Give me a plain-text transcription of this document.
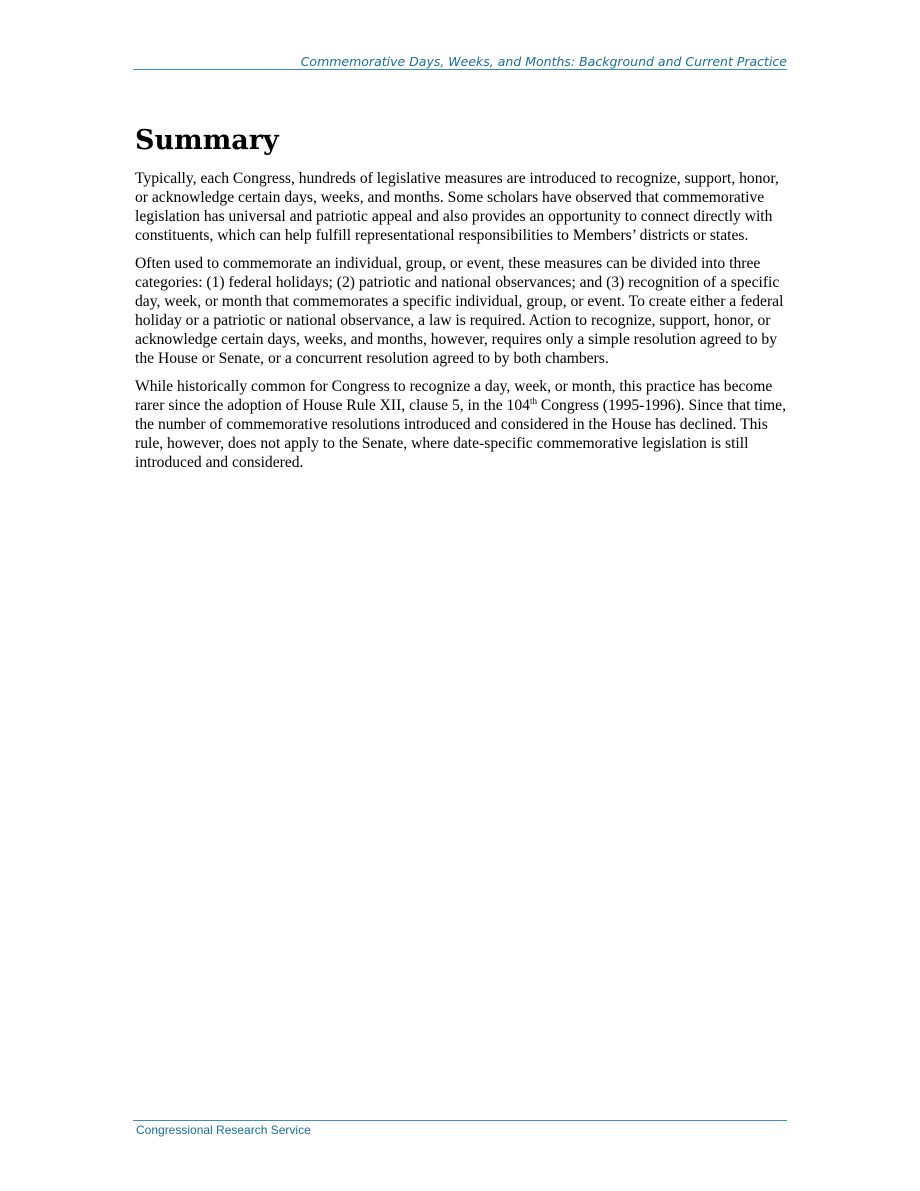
Commemorative Days, Weeks, and Months: Background and Current Practice
Summary

Typically, each Congress, hundreds of legislative measures are introduced to recognize, support, honor, or acknowledge certain days, weeks, and months. Some scholars have observed that commemorative legislation has universal and patriotic appeal and also provides an opportunity to connect directly with constituents, which can help fulfill representational responsibilities to Members’ districts or states.

Often used to commemorate an individual, group, or event, these measures can be divided into three categories: (1) federal holidays; (2) patriotic and national observances; and (3) recognition of a specific day, week, or month that commemorates a specific individual, group, or event. To create either a federal holiday or a patriotic or national observance, a law is required. Action to recognize, support, honor, or acknowledge certain days, weeks, and months, however, requires only a simple resolution agreed to by the House or Senate, or a concurrent resolution agreed to by both chambers.

While historically common for Congress to recognize a day, week, or month, this practice has become rarer since the adoption of House Rule XII, clause 5, in the 104th Congress (1995-1996). Since that time, the number of commemorative resolutions introduced and considered in the House has declined. This rule, however, does not apply to the Senate, where date-specific commemorative legislation is still introduced and considered.

Congressional Research Service
